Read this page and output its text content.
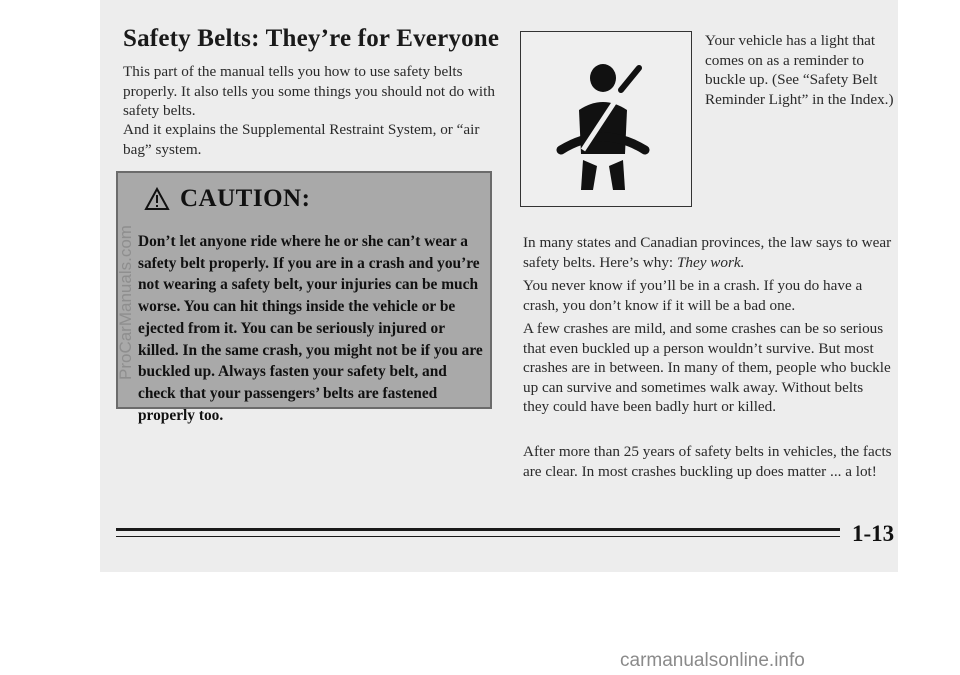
Safety Belts: They’re for Everyone
This part of the manual tells you how to use safety belts properly. It also tells you some things you should not do with safety belts.
And it explains the Supplemental Restraint System, or “air bag” system.
CAUTION:
Don’t let anyone ride where he or she can’t wear a safety belt properly. If you are in a crash and you’re not wearing a safety belt, your injuries can be much worse. You can hit things inside the vehicle or be ejected from it. You can be seriously injured or killed. In the same crash, you might not be if you are buckled up. Always fasten your safety belt, and check that your passengers’ belts are fastened properly too.
Your vehicle has a light that comes on as a reminder to buckle up. (See “Safety Belt Reminder Light” in the Index.)
In many states and Canadian provinces, the law says to wear safety belts. Here’s why: They work.
You never know if you’ll be in a crash. If you do have a crash, you don’t know if it will be a bad one.
A few crashes are mild, and some crashes can be so serious that even buckled up a person wouldn’t survive. But most crashes are in between. In many of them, people who buckle up can survive and sometimes walk away. Without belts they could have been badly hurt or killed.
After more than 25 years of safety belts in vehicles, the facts are clear. In most crashes buckling up does matter ... a lot!
1-13
ProCarManuals.com
carmanualsonline.info
